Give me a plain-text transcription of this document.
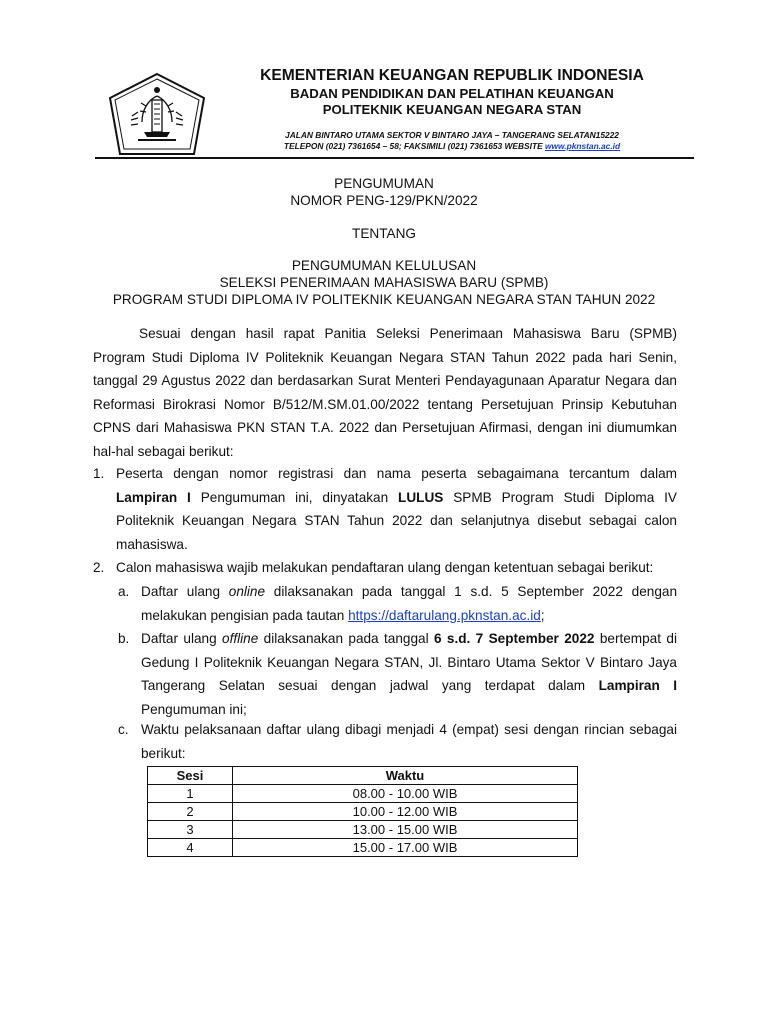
KEMENTERIAN KEUANGAN REPUBLIK INDONESIA
BADAN PENDIDIKAN DAN PELATIHAN KEUANGAN
POLITEKNIK KEUANGAN NEGARA STAN
JALAN BINTARO UTAMA SEKTOR V BINTARO JAYA – TANGERANG SELATAN15222
TELEPON (021) 7361654 – 58; FAKSIMILI (021) 7361653 WEBSITE www.pknstan.ac.id
PENGUMUMAN
NOMOR PENG-129/PKN/2022
TENTANG
PENGUMUMAN KELULUSAN
SELEKSI PENERIMAAN MAHASISWA BARU (SPMB)
PROGRAM STUDI DIPLOMA IV POLITEKNIK KEUANGAN NEGARA STAN TAHUN 2022

Sesuai dengan hasil rapat Panitia Seleksi Penerimaan Mahasiswa Baru (SPMB) Program Studi Diploma IV Politeknik Keuangan Negara STAN Tahun 2022 pada hari Senin, tanggal 29 Agustus 2022 dan berdasarkan Surat Menteri Pendayagunaan Aparatur Negara dan Reformasi Birokrasi Nomor B/512/M.SM.01.00/2022 tentang Persetujuan Prinsip Kebutuhan CPNS dari Mahasiswa PKN STAN T.A. 2022 dan Persetujuan Afirmasi, dengan ini diumumkan hal-hal sebagai berikut:

1. Peserta dengan nomor registrasi dan nama peserta sebagaimana tercantum dalam Lampiran I Pengumuman ini, dinyatakan LULUS SPMB Program Studi Diploma IV Politeknik Keuangan Negara STAN Tahun 2022 dan selanjutnya disebut sebagai calon mahasiswa.
2. Calon mahasiswa wajib melakukan pendaftaran ulang dengan ketentuan sebagai berikut:
a. Daftar ulang online dilaksanakan pada tanggal 1 s.d. 5 September 2022 dengan melakukan pengisian pada tautan https://daftarulang.pknstan.ac.id;
b. Daftar ulang offline dilaksanakan pada tanggal 6 s.d. 7 September 2022 bertempat di Gedung I Politeknik Keuangan Negara STAN, Jl. Bintaro Utama Sektor V Bintaro Jaya Tangerang Selatan sesuai dengan jadwal yang terdapat dalam Lampiran I Pengumuman ini;
c. Waktu pelaksanaan daftar ulang dibagi menjadi 4 (empat) sesi dengan rincian sebagai berikut:
Sesi	Waktu
1	08.00 - 10.00 WIB
2	10.00 - 12.00 WIB
3	13.00 - 15.00 WIB
4	15.00 - 17.00 WIB
